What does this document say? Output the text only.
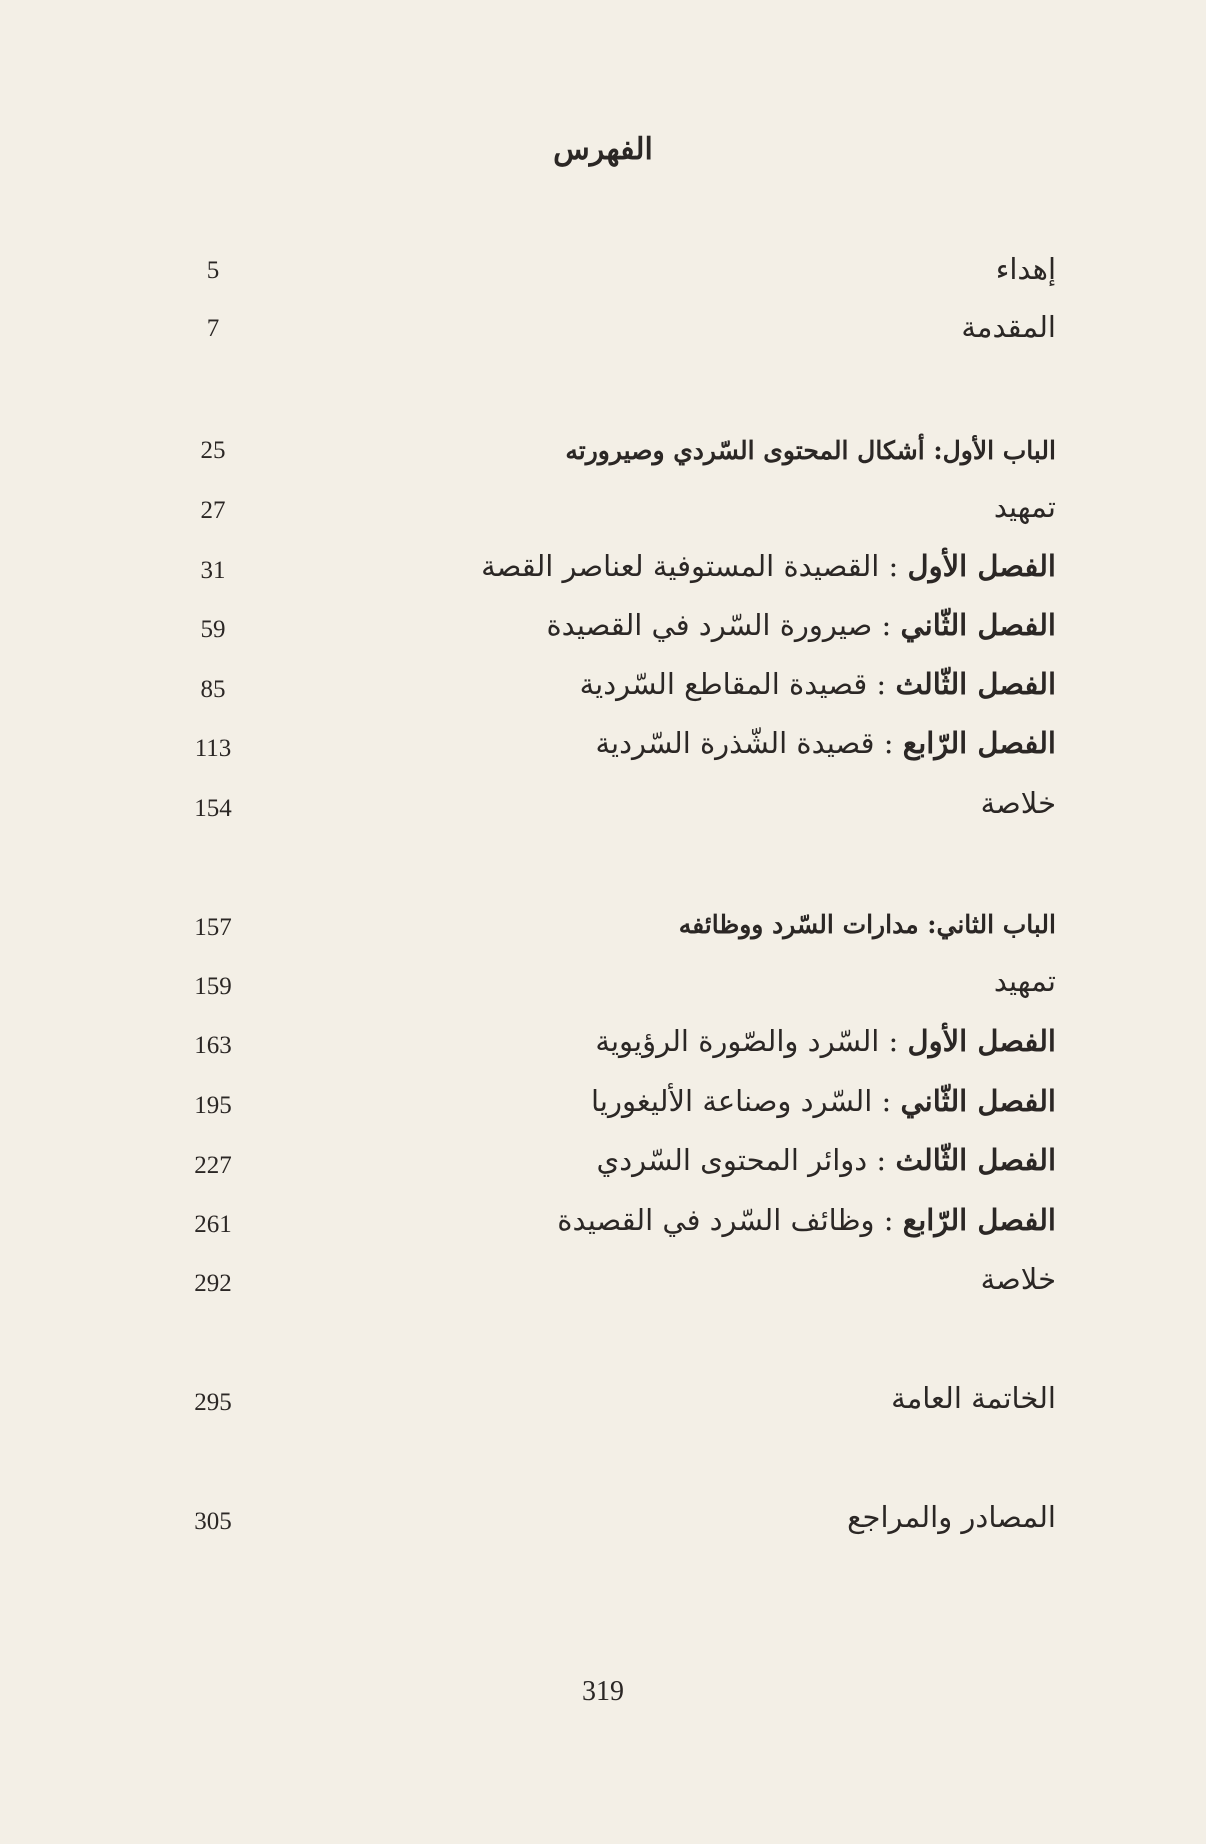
الفهرس
إهداء
5
المقدمة
7
الباب الأول: أشكال المحتوى السّردي وصيرورته
25
تمهيد
27
الفصل الأول : القصيدة المستوفية لعناصر القصة
31
الفصل الثّاني : صيرورة السّرد في القصيدة
59
الفصل الثّالث : قصيدة المقاطع السّردية
85
الفصل الرّابع : قصيدة الشّذرة السّردية
113
خلاصة
154
الباب الثاني: مدارات السّرد ووظائفه
157
تمهيد
159
الفصل الأول : السّرد والصّورة الرؤيوية
163
الفصل الثّاني : السّرد وصناعة الأليغوريا
195
الفصل الثّالث : دوائر المحتوى السّردي
227
الفصل الرّابع : وظائف السّرد في القصيدة
261
خلاصة
292
الخاتمة العامة
295
المصادر والمراجع
305
319
